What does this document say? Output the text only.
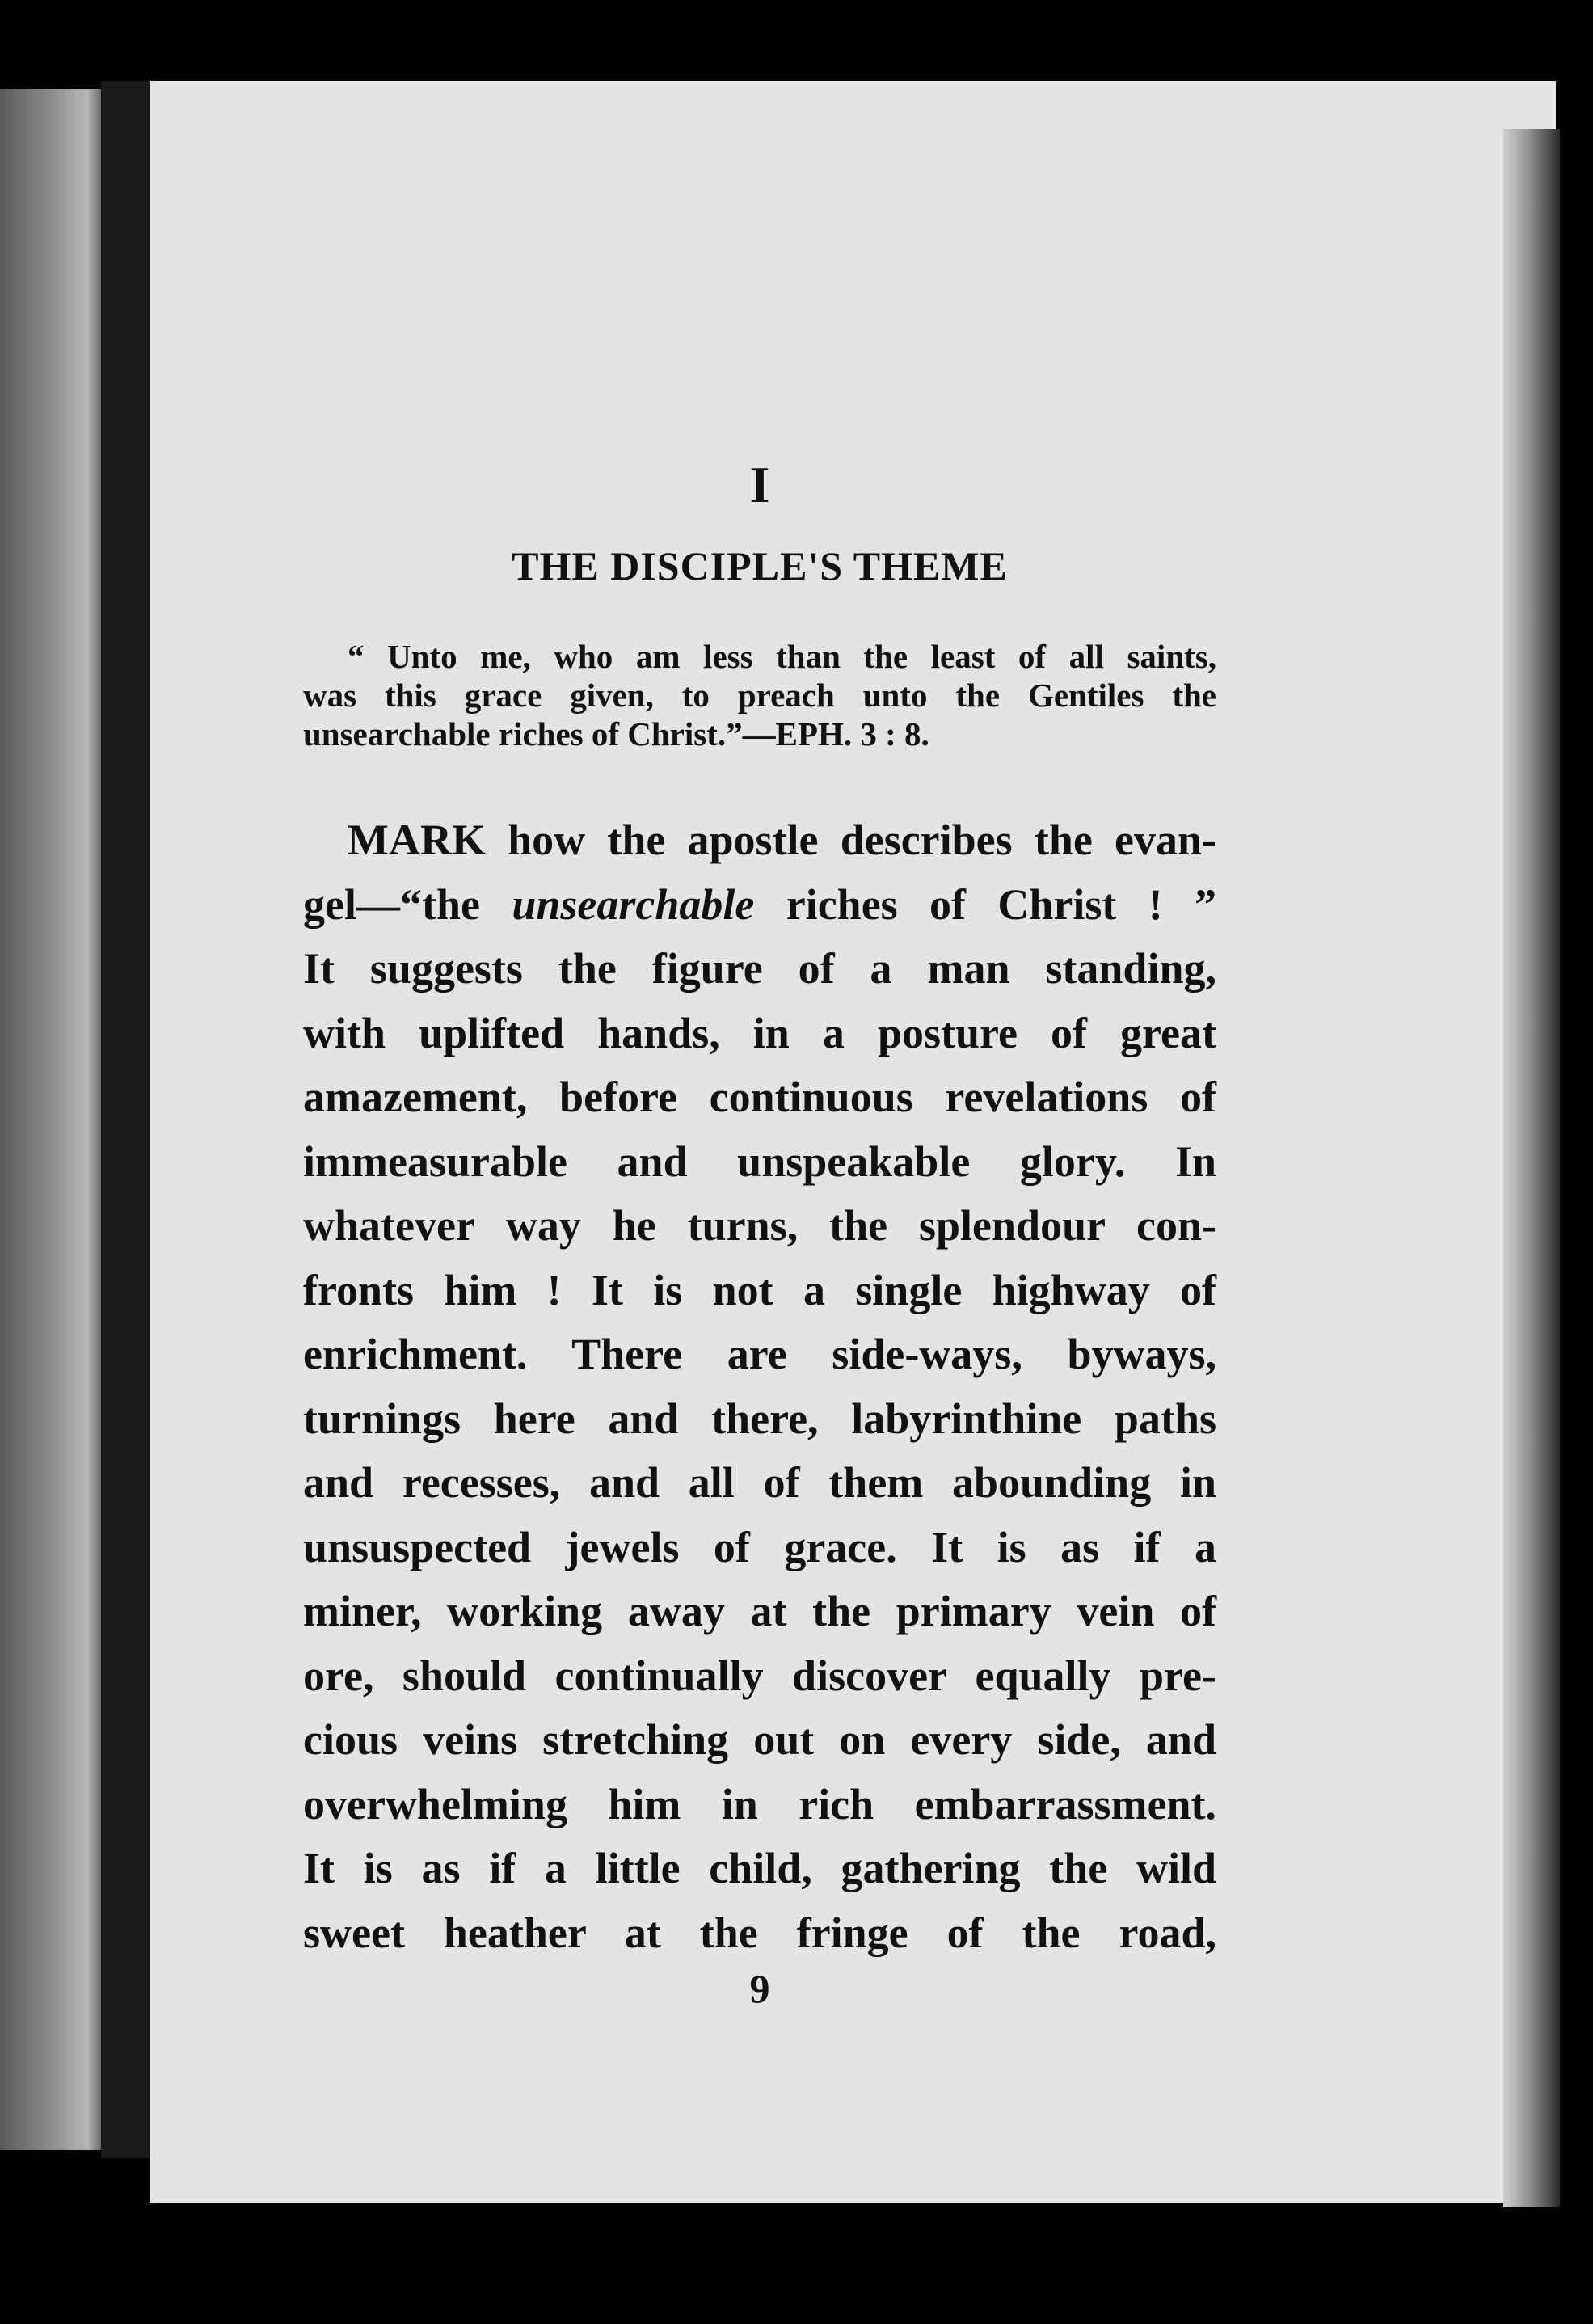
I
THE DISCIPLE'S THEME
“ Unto me, who am less than the least of all saints,
was this grace given, to preach unto the Gentiles the
unsearchable riches of Christ.”—EPH. 3 : 8.
MARK how the apostle describes the evan-
gel—“the unsearchable riches of Christ ! ”
It suggests the figure of a man standing,
with uplifted hands, in a posture of great
amazement, before continuous revelations of
immeasurable and unspeakable glory. In
whatever way he turns, the splendour con-
fronts him ! It is not a single highway of
enrichment. There are side-ways, byways,
turnings here and there, labyrinthine paths
and recesses, and all of them abounding in
unsuspected jewels of grace. It is as if a
miner, working away at the primary vein of
ore, should continually discover equally pre-
cious veins stretching out on every side, and
overwhelming him in rich embarrassment.
It is as if a little child, gathering the wild
sweet heather at the fringe of the road,
9
